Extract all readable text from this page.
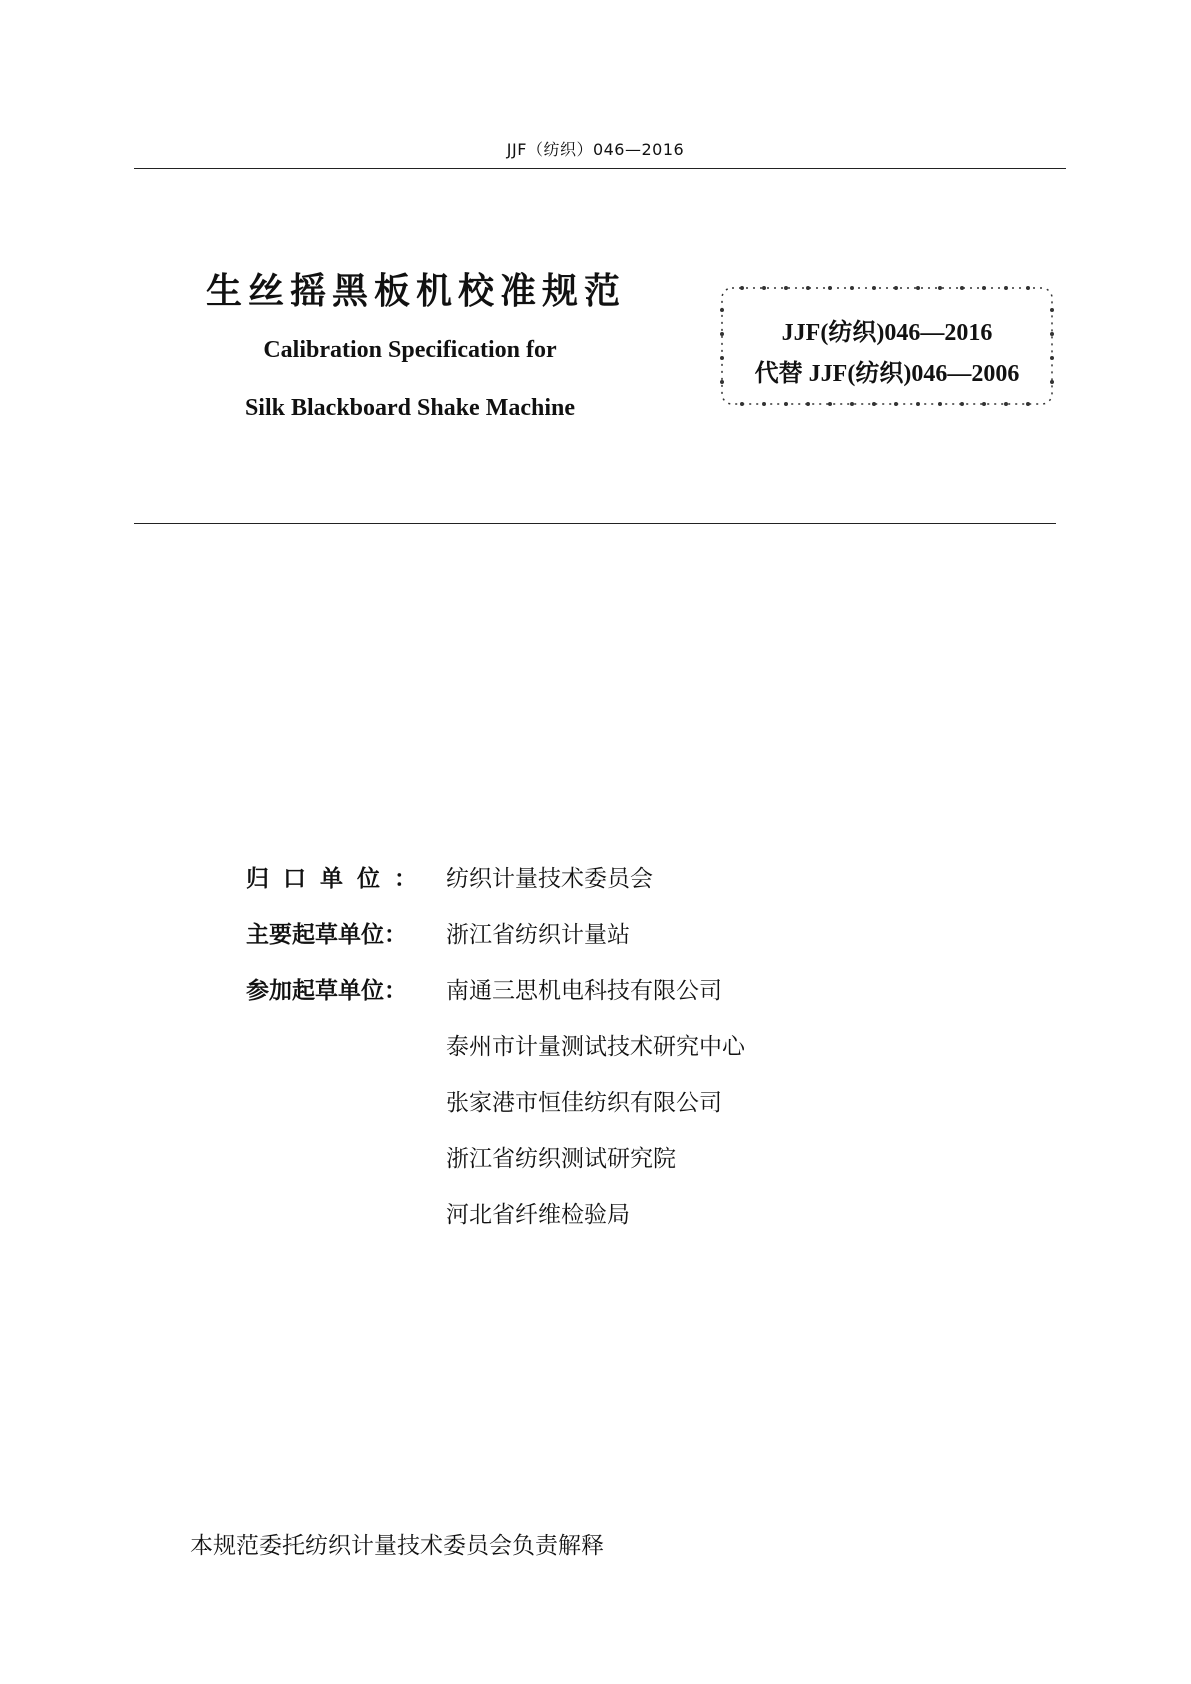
JJF（纺织）046—2016
生丝摇黑板机校准规范
Calibration Specification for
Silk Blackboard Shake Machine
JJF(纺织)046—2016
代替 JJF(纺织)046—2006
归口单位： 纺织计量技术委员会
主要起草单位： 浙江省纺织计量站
参加起草单位： 南通三思机电科技有限公司
泰州市计量测试技术研究中心
张家港市恒佳纺织有限公司
浙江省纺织测试研究院
河北省纤维检验局
本规范委托纺织计量技术委员会负责解释
